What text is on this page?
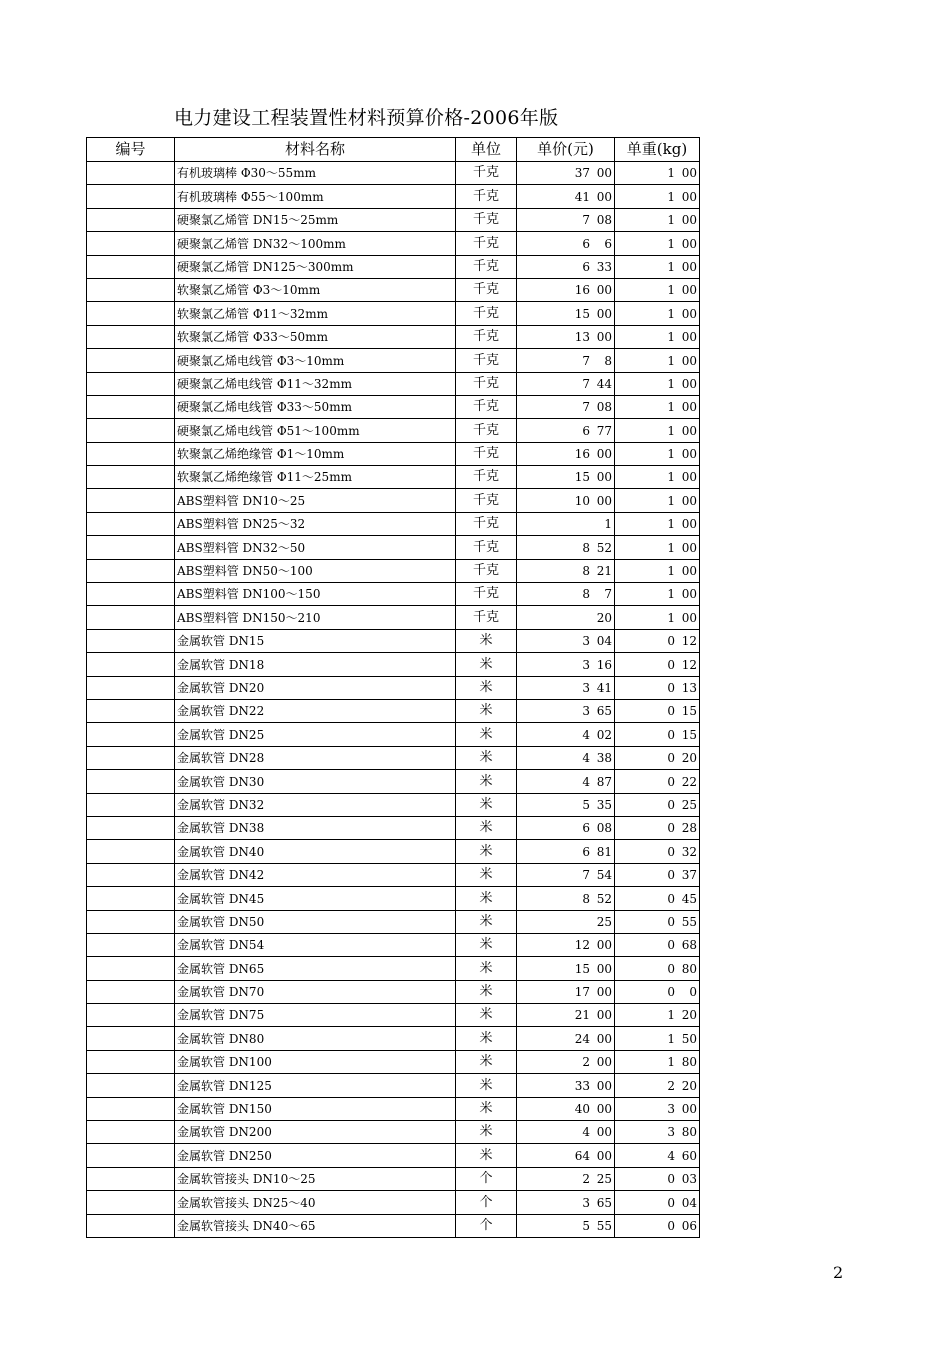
电力建设工程装置性材料预算价格-2006年版
编号	材料名称	单位	单价(元)	单重(kg)
	有机玻璃棒 Φ30～55mm	千克	37 00	1 00

	有机玻璃棒 Φ55～100mm	千克	41 00	1 00

	硬聚氯乙烯管 DN15～25mm	千克	7 08	1 00

	硬聚氯乙烯管 DN32～100mm	千克	6 6	1 00

	硬聚氯乙烯管 DN125～300mm	千克	6 33	1 00

	软聚氯乙烯管 Φ3～10mm	千克	16 00	1 00

	软聚氯乙烯管 Φ11～32mm	千克	15 00	1 00

	软聚氯乙烯管 Φ33～50mm	千克	13 00	1 00

	硬聚氯乙烯电线管 Φ3～10mm	千克	7 8	1 00

	硬聚氯乙烯电线管 Φ11～32mm	千克	7 44	1 00

	硬聚氯乙烯电线管 Φ33～50mm	千克	7 08	1 00

	硬聚氯乙烯电线管 Φ51～100mm	千克	6 77	1 00

	软聚氯乙烯绝缘管 Φ1～10mm	千克	16 00	1 00

	软聚氯乙烯绝缘管 Φ11～25mm	千克	15 00	1 00

	ABS塑料管 DN10～25	千克	10 00	1 00

	ABS塑料管 DN25～32	千克	1	1 00

	ABS塑料管 DN32～50	千克	8 52	1 00

	ABS塑料管 DN50～100	千克	8 21	1 00

	ABS塑料管 DN100～150	千克	8 7	1 00

	ABS塑料管 DN150～210	千克	20	1 00

	金属软管 DN15	米	3 04	0 12

	金属软管 DN18	米	3 16	0 12

	金属软管 DN20	米	3 41	0 13

	金属软管 DN22	米	3 65	0 15

	金属软管 DN25	米	4 02	0 15

	金属软管 DN28	米	4 38	0 20

	金属软管 DN30	米	4 87	0 22

	金属软管 DN32	米	5 35	0 25

	金属软管 DN38	米	6 08	0 28

	金属软管 DN40	米	6 81	0 32

	金属软管 DN42	米	7 54	0 37

	金属软管 DN45	米	8 52	0 45

	金属软管 DN50	米	25	0 55

	金属软管 DN54	米	12 00	0 68

	金属软管 DN65	米	15 00	0 80

	金属软管 DN70	米	17 00	0 0

	金属软管 DN75	米	21 00	1 20

	金属软管 DN80	米	24 00	1 50

	金属软管 DN100	米	2 00	1 80

	金属软管 DN125	米	33 00	2 20

	金属软管 DN150	米	40 00	3 00

	金属软管 DN200	米	4 00	3 80

	金属软管 DN250	米	64 00	4 60

	金属软管接头 DN10～25	个	2 25	0 03

	金属软管接头 DN25～40	个	3 65	0 04

	金属软管接头 DN40～65	个	5 55	0 06
2
